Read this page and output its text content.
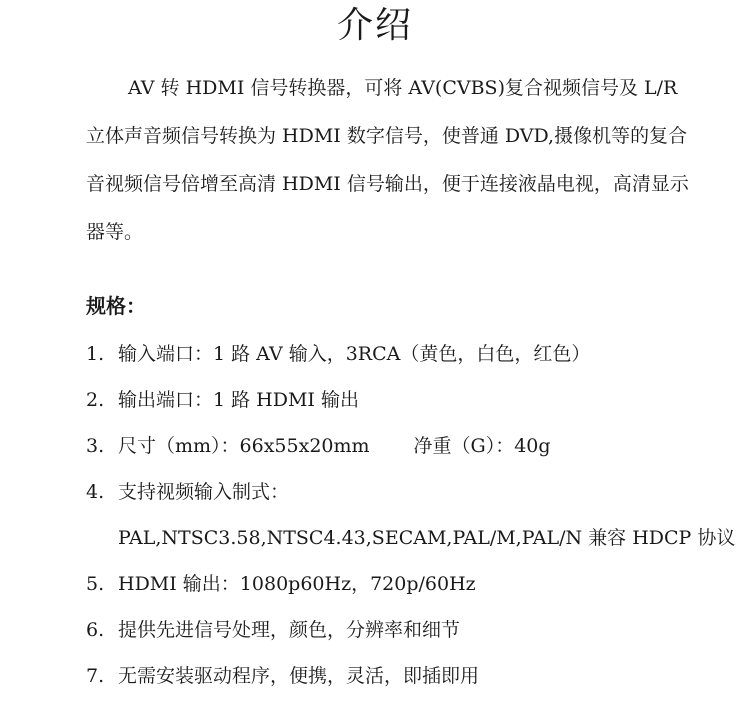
介绍

AV 转 HDMI 信号转换器，可将 AV(CVBS)复合视频信号及 L/R 立体声音频信号转换为 HDMI 数字信号，使普通 DVD,摄像机等的复合音视频信号倍增至高清 HDMI 信号输出，便于连接液晶电视，高清显示器等。

规格：
1. 输入端口：1 路 AV 输入，3RCA（黄色，白色，红色）
2. 输出端口：1 路 HDMI 输出
3. 尺寸（mm）：66x55x20mm 净重（G）：40g
4. 支持视频输入制式：
PAL,NTSC3.58,NTSC4.43,SECAM,PAL/M,PAL/N 兼容 HDCP 协议
5. HDMI 输出：1080p60Hz，720p/60Hz
6. 提供先进信号处理，颜色，分辨率和细节
7. 无需安装驱动程序，便携，灵活，即插即用
